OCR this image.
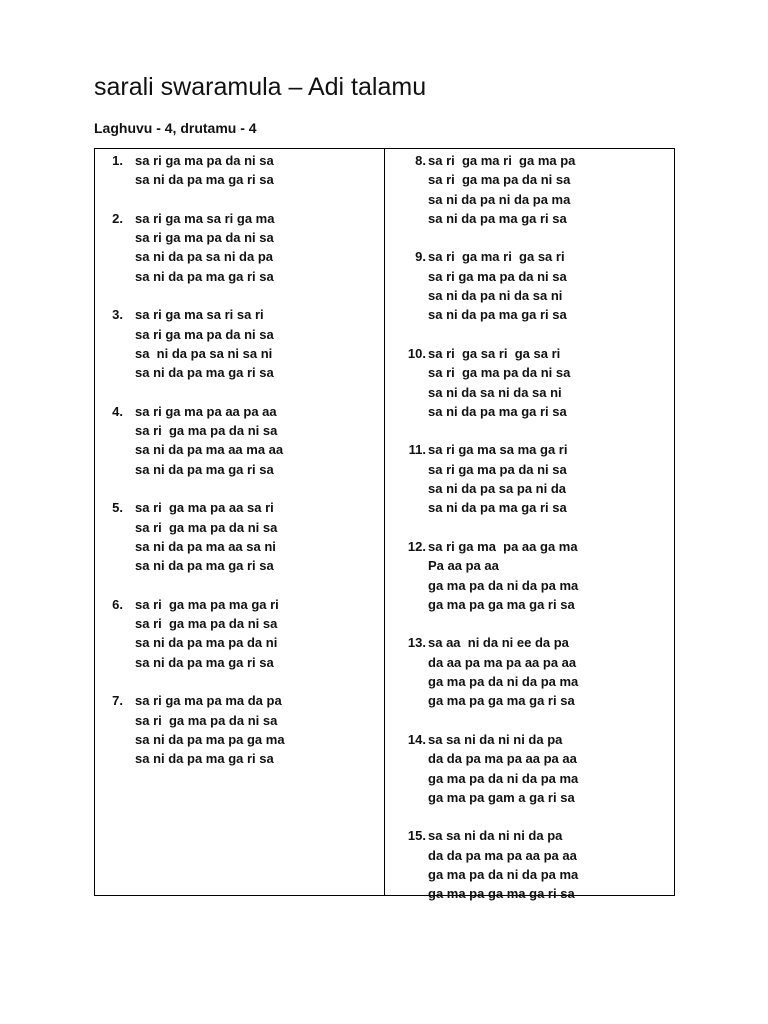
sarali swaramula – Adi talamu
Laghuvu - 4, drutamu - 4
1. sa ri ga ma pa da ni sa
sa ni da pa ma ga ri sa
2. sa ri ga ma sa ri ga ma
sa ri ga ma pa da ni sa
sa ni da pa sa ni da pa
sa ni da pa ma ga ri sa
3. sa ri ga ma sa ri sa ri
sa ri ga ma pa da ni sa
sa  ni da pa sa ni sa ni
sa ni da pa ma ga ri sa
4. sa ri ga ma pa aa pa aa
sa ri  ga ma pa da ni sa
sa ni da pa ma aa ma aa
sa ni da pa ma ga ri sa
5. sa ri  ga ma pa aa sa ri
sa ri  ga ma pa da ni sa
sa ni da pa ma aa sa ni
sa ni da pa ma ga ri sa
6. sa ri  ga ma pa ma ga ri
sa ri  ga ma pa da ni sa
sa ni da pa ma pa da ni
sa ni da pa ma ga ri sa
7. sa ri ga ma pa ma da pa
sa ri  ga ma pa da ni sa
sa ni da pa ma pa ga ma
sa ni da pa ma ga ri sa
8. sa ri  ga ma ri  ga ma pa
sa ri  ga ma pa da ni sa
sa ni da pa ni da pa ma
sa ni da pa ma ga ri sa
9. sa ri  ga ma ri  ga sa ri
sa ri ga ma pa da ni sa
sa ni da pa ni da sa ni
sa ni da pa ma ga ri sa
10. sa ri  ga sa ri  ga sa ri
sa ri  ga ma pa da ni sa
sa ni da sa ni da sa ni
sa ni da pa ma ga ri sa
11. sa ri ga ma sa ma ga ri
sa ri ga ma pa da ni sa
sa ni da pa sa pa ni da
sa ni da pa ma ga ri sa
12. sa ri ga ma  pa aa ga ma
Pa aa pa aa
ga ma pa da ni da pa ma
ga ma pa ga ma ga ri sa
13. sa aa  ni da ni ee da pa
da aa pa ma pa aa pa aa
ga ma pa da ni da pa ma
ga ma pa ga ma ga ri sa
14. sa sa ni da ni ni da pa
da da pa ma pa aa pa aa
ga ma pa da ni da pa ma
ga ma pa gam a ga ri sa
15. sa sa ni da ni ni da pa
da da pa ma pa aa pa aa
ga ma pa da ni da pa ma
ga ma pa ga ma ga ri sa
